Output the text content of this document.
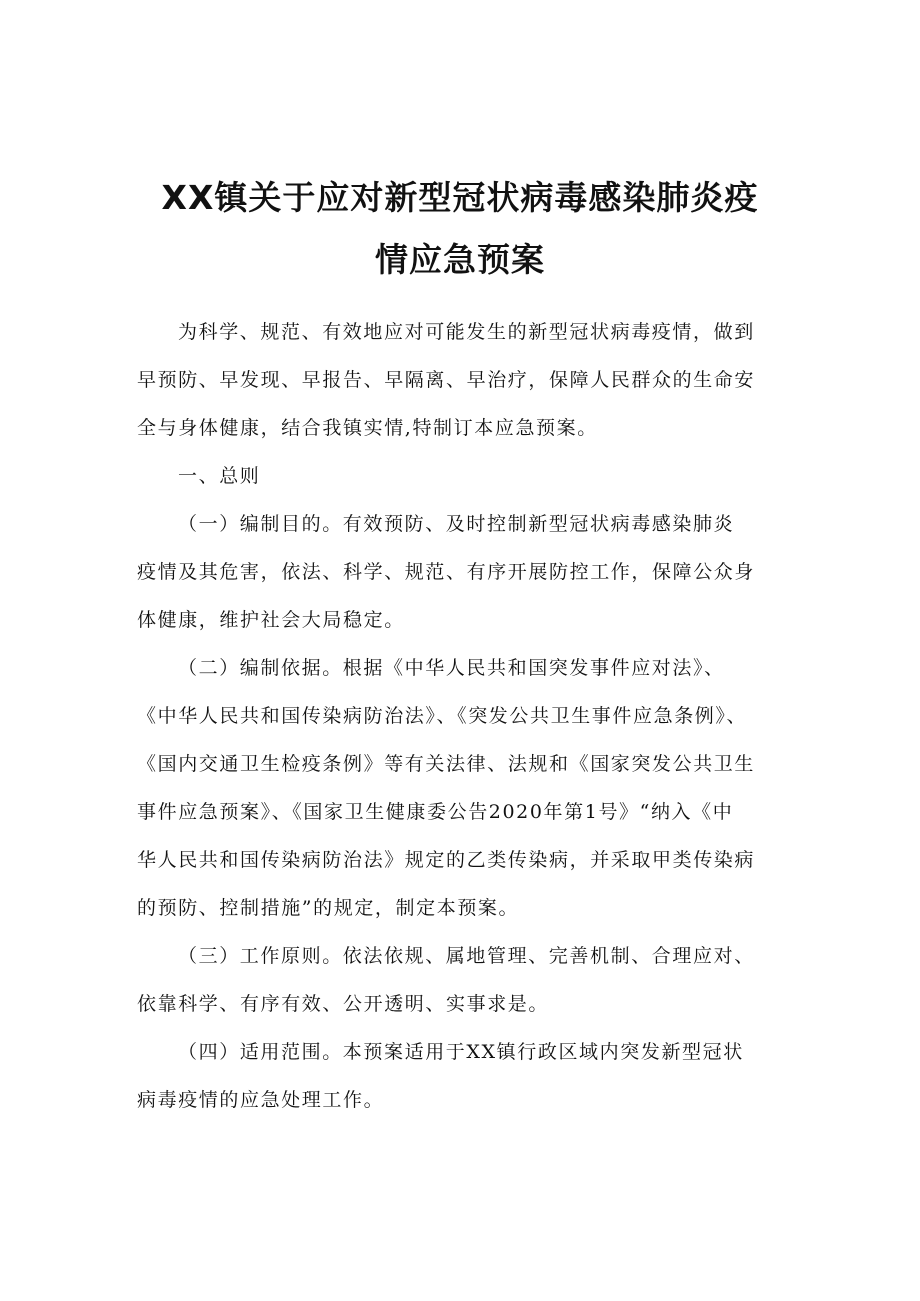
XX镇关于应对新型冠状病毒感染肺炎疫
情应急预案

为科学、规范、有效地应对可能发生的新型冠状病毒疫情，做到

早预防、早发现、早报告、早隔离、早治疗，保障人民群众的生命安

全与身体健康，结合我镇实情,特制订本应急预案。

一、总则

（一）编制目的。有效预防、及时控制新型冠状病毒感染肺炎

疫情及其危害，依法、科学、规范、有序开展防控工作，保障公众身

体健康，维护社会大局稳定。

（二）编制依据。根据《中华人民共和国突发事件应对法》、

《中华人民共和国传染病防治法》、《突发公共卫生事件应急条例》、

《国内交通卫生检疫条例》等有关法律、法规和《国家突发公共卫生

事件应急预案》、《国家卫生健康委公告2020年第1号》“纳入《中

华人民共和国传染病防治法》规定的乙类传染病，并采取甲类传染病

的预防、控制措施”的规定，制定本预案。

（三）工作原则。依法依规、属地管理、完善机制、合理应对、

依靠科学、有序有效、公开透明、实事求是。

（四）适用范围。本预案适用于XX镇行政区域内突发新型冠状

病毒疫情的应急处理工作。
